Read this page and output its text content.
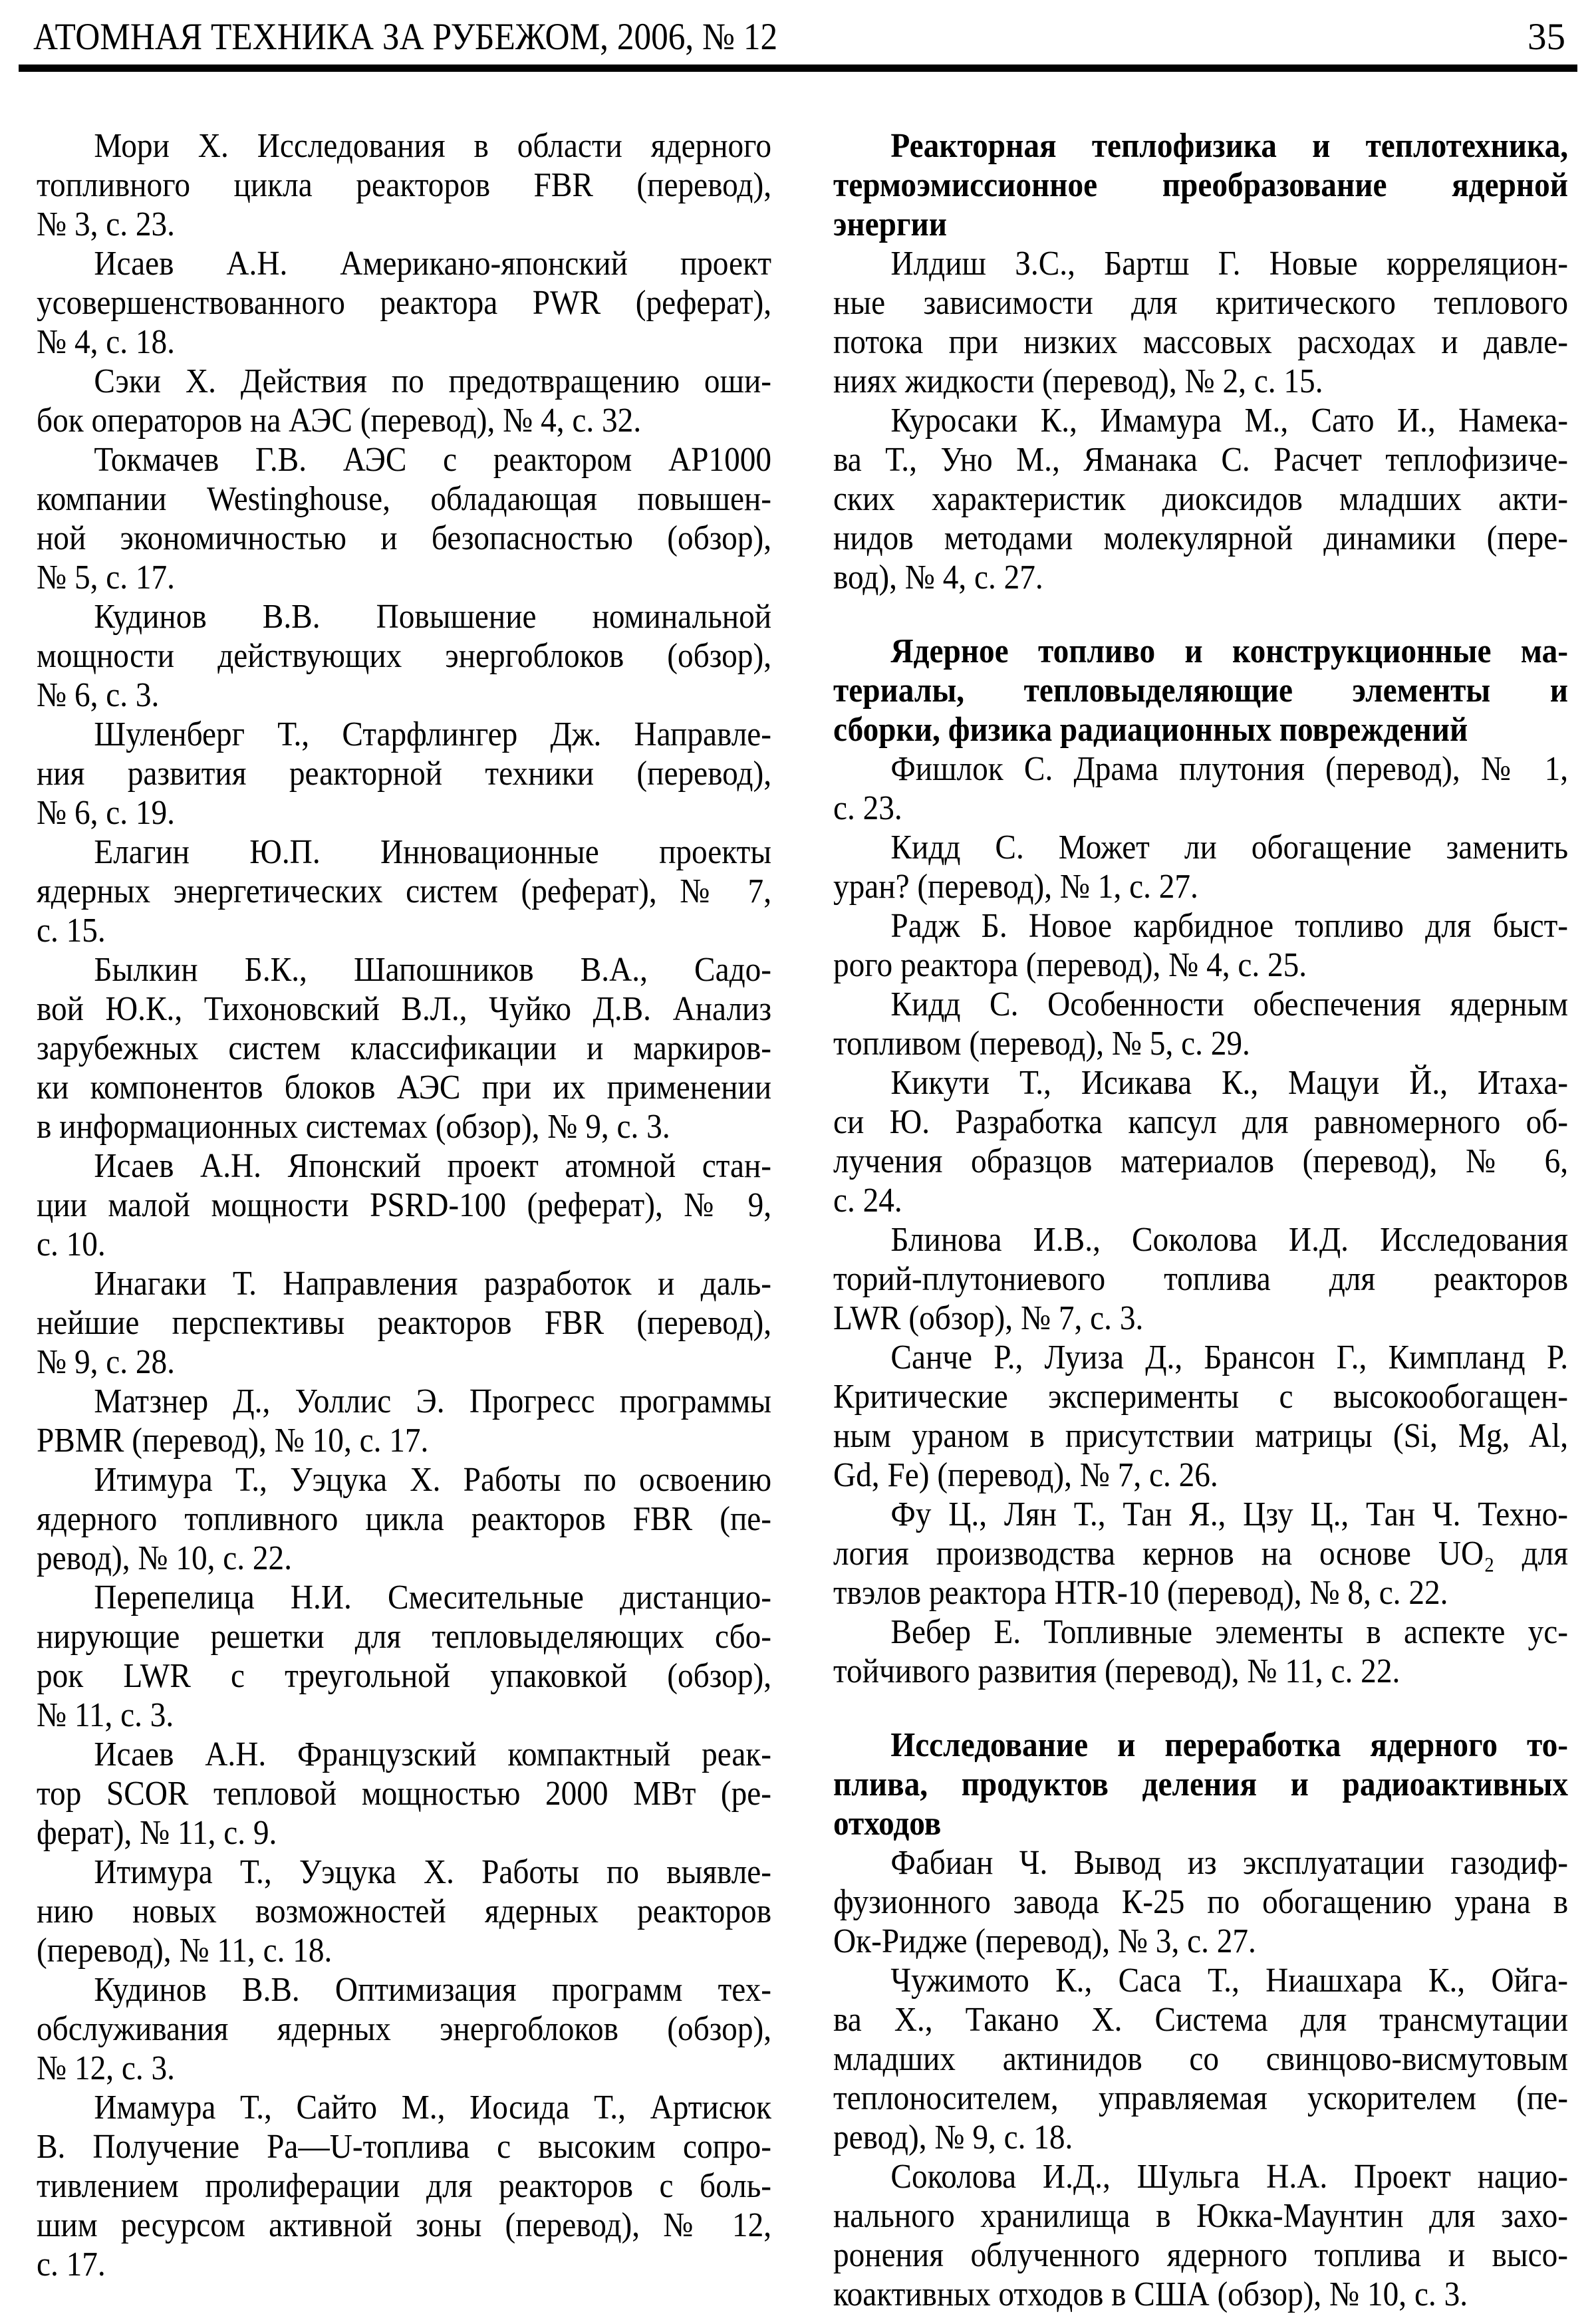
АТОМНАЯ ТЕХНИКА ЗА РУБЕЖОМ, 2006, № 12	35
Мори Х. Исследования в области ядерного
топливного цикла реакторов FBR (перевод),
№ 3, с. 23.
Исаев А.Н. Американо-японский проект
усовершенствованного реактора PWR (реферат),
№ 4, с. 18.
Сэки Х. Действия по предотвращению оши-
бок операторов на АЭС (перевод), № 4, с. 32.
Токмачев Г.В. АЭС с реактором АР1000
компании Westinghouse, обладающая повышен-
ной экономичностью и безопасностью (обзор),
№ 5, с. 17.
Кудинов В.В. Повышение номинальной
мощности действующих энергоблоков (обзор),
№ 6, с. 3.
Шуленберг Т., Старфлингер Дж. Направле-
ния развития реакторной техники (перевод),
№ 6, с. 19.
Елагин Ю.П. Инновационные проекты
ядерных энергетических систем (реферат), № 7,
с. 15.
Былкин Б.К., Шапошников В.А., Садо-
вой Ю.К., Тихоновский В.Л., Чуйко Д.В. Анализ
зарубежных систем классификации и маркиров-
ки компонентов блоков АЭС при их применении
в информационных системах (обзор), № 9, с. 3.
Исаев А.Н. Японский проект атомной стан-
ции малой мощности PSRD-100 (реферат), № 9,
с. 10.
Инагаки Т. Направления разработок и даль-
нейшие перспективы реакторов FBR (перевод),
№ 9, с. 28.
Матзнер Д., Уоллис Э. Прогресс программы
PBMR (перевод), № 10, с. 17.
Итимура Т., Уэцука Х. Работы по освоению
ядерного топливного цикла реакторов FBR (пе-
ревод), № 10, с. 22.
Перепелица Н.И. Смесительные дистанцио-
нирующие решетки для тепловыделяющих сбо-
рок LWR с треугольной упаковкой (обзор),
№ 11, с. 3.
Исаев А.Н. Французский компактный реак-
тор SCOR тепловой мощностью 2000 МВт (ре-
ферат), № 11, с. 9.
Итимура Т., Уэцука Х. Работы по выявле-
нию новых возможностей ядерных реакторов
(перевод), № 11, с. 18.
Кудинов В.В. Оптимизация программ тех-
обслуживания ядерных энергоблоков (обзор),
№ 12, с. 3.
Имамура Т., Сайто М., Иосида Т., Артисюк
В. Получение Ра—U-топлива с высоким сопро-
тивлением пролиферации для реакторов с боль-
шим ресурсом активной зоны (перевод), № 12,
с. 17.
Реакторная теплофизика и теплотехника,
термоэмиссионное преобразование ядерной
энергии
Илдиш З.С., Бартш Г. Новые корреляцион-
ные зависимости для критического теплового
потока при низких массовых расходах и давле-
ниях жидкости (перевод), № 2, с. 15.
Куросаки К., Имамура М., Сато И., Намека-
ва Т., Уно М., Яманака С. Расчет теплофизиче-
ских характеристик диоксидов младших акти-
нидов методами молекулярной динамики (пере-
вод), № 4, с. 27.
Ядерное топливо и конструкционные ма-
териалы, тепловыделяющие элементы и
сборки, физика радиационных повреждений
Фишлок С. Драма плутония (перевод), № 1,
с. 23.
Кидд С. Может ли обогащение заменить
уран? (перевод), № 1, с. 27.
Радж Б. Новое карбидное топливо для быст-
рого реактора (перевод), № 4, с. 25.
Кидд С. Особенности обеспечения ядерным
топливом (перевод), № 5, с. 29.
Кикути Т., Исикава К., Мацуи Й., Итаха-
си Ю. Разработка капсул для равномерного об-
лучения образцов материалов (перевод), № 6,
с. 24.
Блинова И.В., Соколова И.Д. Исследования
торий-плутониевого топлива для реакторов
LWR (обзор), № 7, с. 3.
Санче Р., Луиза Д., Брансон Г., Кимпланд Р.
Критические эксперименты с высокообогащен-
ным ураном в присутствии матрицы (Si, Mg, Al,
Gd, Fe) (перевод), № 7, с. 26.
Фу Ц., Лян Т., Тан Я., Цзу Ц., Тан Ч. Техно-
логия производства кернов на основе UO₂ для
твэлов реактора HTR-10 (перевод), № 8, с. 22.
Вебер Е. Топливные элементы в аспекте ус-
тойчивого развития (перевод), № 11, с. 22.
Исследование и переработка ядерного то-
плива, продуктов деления и радиоактивных
отходов
Фабиан Ч. Вывод из эксплуатации газодиф-
фузионного завода К-25 по обогащению урана в
Ок-Ридже (перевод), № 3, с. 27.
Чужимото К., Саса Т., Ниашхара К., Ойга-
ва Х., Такано Х. Система для трансмутации
младших актинидов со свинцово-висмутовым
теплоносителем, управляемая ускорителем (пе-
ревод), № 9, с. 18.
Соколова И.Д., Шульга Н.А. Проект нацио-
нального хранилища в Юкка-Маунтин для захо-
ронения облученного ядерного топлива и высо-
коактивных отходов в США (обзор), № 10, с. 3.
